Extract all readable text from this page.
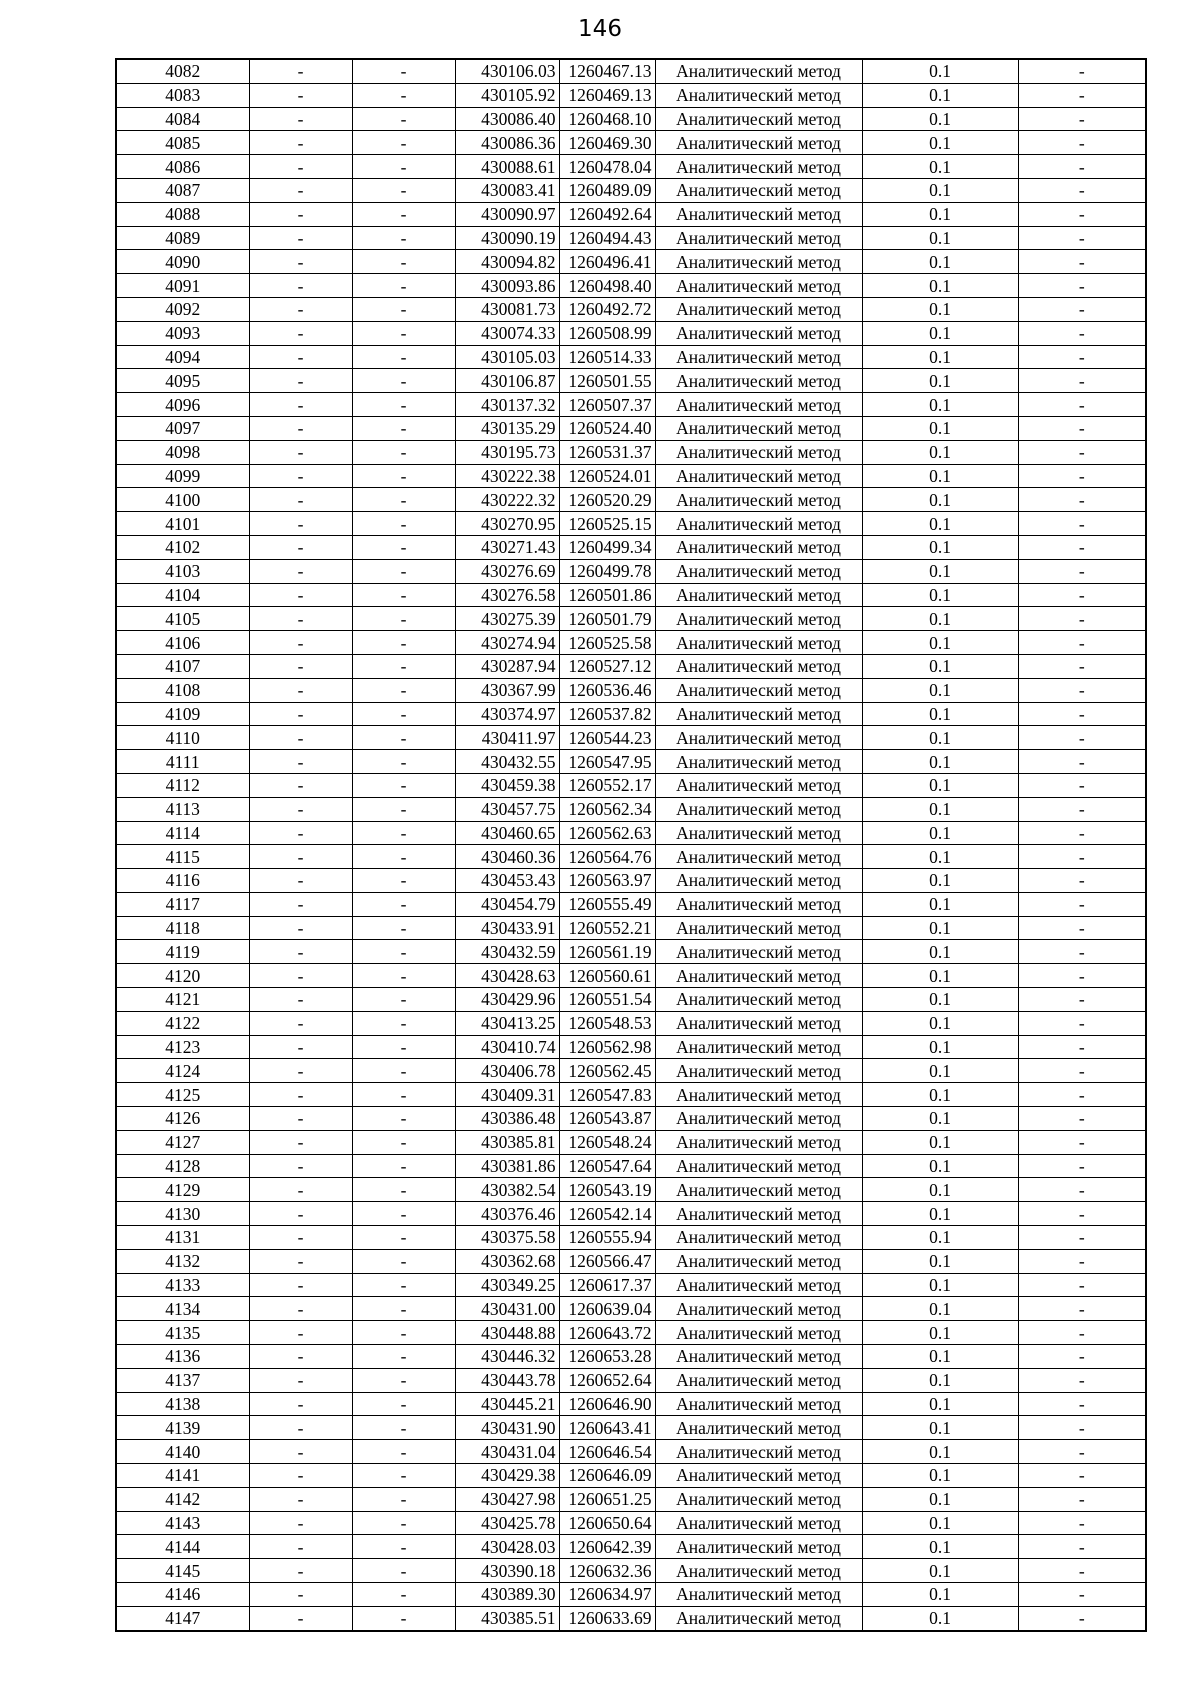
146
4082	-	-	430106.03	1260467.13	Аналитический метод	0.1	-
4083	-	-	430105.92	1260469.13	Аналитический метод	0.1	-
4084	-	-	430086.40	1260468.10	Аналитический метод	0.1	-
4085	-	-	430086.36	1260469.30	Аналитический метод	0.1	-
4086	-	-	430088.61	1260478.04	Аналитический метод	0.1	-
4087	-	-	430083.41	1260489.09	Аналитический метод	0.1	-
4088	-	-	430090.97	1260492.64	Аналитический метод	0.1	-
4089	-	-	430090.19	1260494.43	Аналитический метод	0.1	-
4090	-	-	430094.82	1260496.41	Аналитический метод	0.1	-
4091	-	-	430093.86	1260498.40	Аналитический метод	0.1	-
4092	-	-	430081.73	1260492.72	Аналитический метод	0.1	-
4093	-	-	430074.33	1260508.99	Аналитический метод	0.1	-
4094	-	-	430105.03	1260514.33	Аналитический метод	0.1	-
4095	-	-	430106.87	1260501.55	Аналитический метод	0.1	-
4096	-	-	430137.32	1260507.37	Аналитический метод	0.1	-
4097	-	-	430135.29	1260524.40	Аналитический метод	0.1	-
4098	-	-	430195.73	1260531.37	Аналитический метод	0.1	-
4099	-	-	430222.38	1260524.01	Аналитический метод	0.1	-
4100	-	-	430222.32	1260520.29	Аналитический метод	0.1	-
4101	-	-	430270.95	1260525.15	Аналитический метод	0.1	-
4102	-	-	430271.43	1260499.34	Аналитический метод	0.1	-
4103	-	-	430276.69	1260499.78	Аналитический метод	0.1	-
4104	-	-	430276.58	1260501.86	Аналитический метод	0.1	-
4105	-	-	430275.39	1260501.79	Аналитический метод	0.1	-
4106	-	-	430274.94	1260525.58	Аналитический метод	0.1	-
4107	-	-	430287.94	1260527.12	Аналитический метод	0.1	-
4108	-	-	430367.99	1260536.46	Аналитический метод	0.1	-
4109	-	-	430374.97	1260537.82	Аналитический метод	0.1	-
4110	-	-	430411.97	1260544.23	Аналитический метод	0.1	-
4111	-	-	430432.55	1260547.95	Аналитический метод	0.1	-
4112	-	-	430459.38	1260552.17	Аналитический метод	0.1	-
4113	-	-	430457.75	1260562.34	Аналитический метод	0.1	-
4114	-	-	430460.65	1260562.63	Аналитический метод	0.1	-
4115	-	-	430460.36	1260564.76	Аналитический метод	0.1	-
4116	-	-	430453.43	1260563.97	Аналитический метод	0.1	-
4117	-	-	430454.79	1260555.49	Аналитический метод	0.1	-
4118	-	-	430433.91	1260552.21	Аналитический метод	0.1	-
4119	-	-	430432.59	1260561.19	Аналитический метод	0.1	-
4120	-	-	430428.63	1260560.61	Аналитический метод	0.1	-
4121	-	-	430429.96	1260551.54	Аналитический метод	0.1	-
4122	-	-	430413.25	1260548.53	Аналитический метод	0.1	-
4123	-	-	430410.74	1260562.98	Аналитический метод	0.1	-
4124	-	-	430406.78	1260562.45	Аналитический метод	0.1	-
4125	-	-	430409.31	1260547.83	Аналитический метод	0.1	-
4126	-	-	430386.48	1260543.87	Аналитический метод	0.1	-
4127	-	-	430385.81	1260548.24	Аналитический метод	0.1	-
4128	-	-	430381.86	1260547.64	Аналитический метод	0.1	-
4129	-	-	430382.54	1260543.19	Аналитический метод	0.1	-
4130	-	-	430376.46	1260542.14	Аналитический метод	0.1	-
4131	-	-	430375.58	1260555.94	Аналитический метод	0.1	-
4132	-	-	430362.68	1260566.47	Аналитический метод	0.1	-
4133	-	-	430349.25	1260617.37	Аналитический метод	0.1	-
4134	-	-	430431.00	1260639.04	Аналитический метод	0.1	-
4135	-	-	430448.88	1260643.72	Аналитический метод	0.1	-
4136	-	-	430446.32	1260653.28	Аналитический метод	0.1	-
4137	-	-	430443.78	1260652.64	Аналитический метод	0.1	-
4138	-	-	430445.21	1260646.90	Аналитический метод	0.1	-
4139	-	-	430431.90	1260643.41	Аналитический метод	0.1	-
4140	-	-	430431.04	1260646.54	Аналитический метод	0.1	-
4141	-	-	430429.38	1260646.09	Аналитический метод	0.1	-
4142	-	-	430427.98	1260651.25	Аналитический метод	0.1	-
4143	-	-	430425.78	1260650.64	Аналитический метод	0.1	-
4144	-	-	430428.03	1260642.39	Аналитический метод	0.1	-
4145	-	-	430390.18	1260632.36	Аналитический метод	0.1	-
4146	-	-	430389.30	1260634.97	Аналитический метод	0.1	-
4147	-	-	430385.51	1260633.69	Аналитический метод	0.1	-
